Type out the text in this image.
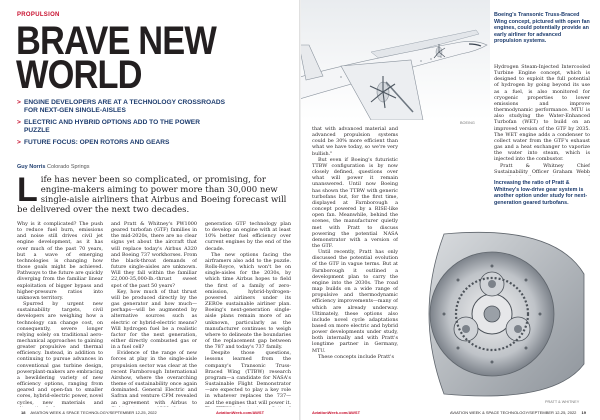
PROPULSION
BRAVE NEW
WORLD
> ENGINE DEVELOPERS ARE AT A TECHNOLOGY CROSSROADS FOR NEXT-GEN SINGLE-AISLES
> ELECTRIC AND HYBRID OPTIONS ADD TO THE POWER PUZZLE
> FUTURE FOCUS: OPEN ROTORS AND GEARS
Guy Norris Colorado Springs
Life has never been so complicated, or promising, for engine-makers aiming to power more than 30,000 new single-aisle airliners that Airbus and Boeing forecast will be delivered over the next two decades.

Why is it complicated? The push to reduce fuel burn, emissions and noise still drives civil jet engine development, as it has over much of the past 70 years, but a wave of emerging technologies is changing how those goals might be achieved. Pathways to the future are quickly diverging from the familiar linear exploitation of bigger bypass and higher-pressure ratios into unknown territory.

Spurred by urgent new sustainability targets, civil developers are weighing how a technology can change cost, on consequently, severe longer relying solely on traditional aero-mechanical approaches to gaining greater propulsive and thermal efficiency. Instead, in addition to continuing to pursue advances in conventional gas turbine design, powerplant-makers are embracing a bewildering variety of new efficiency options, ranging from geared and open-fan to smaller cores, hybrid-electric power, novel cycles, new materials and

and Pratt & Whitney's PW1000 geared turbofan (GTF) families in the mid-2020s, there are no clear signs yet about the aircraft that will replace today's Airbus A320 and Boeing 737 workhorses. From the black-throat demands of future single-aisles are unknown. Will they fall within the familiar 22,000-35,000-lb.-thrust sweet spot of the past 50 years?

Key, how much of that thrust will be produced directly by the gas generator and how much—perhaps—will be augmented by alternative sources such as electric or hybrid-electric means? Will hydrogen fuel be a realistic factor for the next generation, either directly combusted gas or in a fuel cell?

Evidence of the range of new forces at play in the single-aisle propulsion sector was clear at the recent Farnborough International Airshow, where the overarching theme of sustainability once again dominated. General Electric and Safran and venture CFM revealed an agreement with Airbus to

generation GTF technology plan to develop an engine with at least 10% better fuel efficiency over current engines by the end of the decade.

The new options facing the airframers also add to the puzzle. Rolls-Royce, which won't be on single-aisles for the 2030s, by which time Airbus hopes to field the first of a family of zero-emission, hybrid-hydrogen-powered airliners under its ZEROe sustainable airliner plan. Boeing's next-generation single-aisle plans remain more of an unknown, particularly as the manufacturer continues to weigh where to delineate the boundaries of the replacement gap between the 787 and today's 737 family.

Despite those questions, lessons learned from the company's Transonic Truss-Braced Wing (TTBW) research program—a candidate for NASA's Sustainable Flight Demonstrator—are expected to play a key role in whatever replaces the 737—and the engines that will power it.

BOEING
Boeing's Transonic Truss-Braced Wing concept, pictured with open fan engines, could potentially provide an early airliner for advanced propulsion systems.

Hydrogen Steam-Injected Intercooled Turbine Engine concept, which is designed to exploit the full potential of hydrogen by going beyond its use as a fuel, is also monitored for cryogenic properties to lower emissions and improve thermodynamic performance. MTU is also studying the Water-Enhanced Turbofan (WET) to build on an improved version of the GTF by 2035. The WET engine adds a condenser to collect water from the GTF's exhaust gas and a heat exchanger to vaporize the water into steam, which is injected into the combustor.

Pratt & Whitney Chief Sustainability Officer Graham Webb

Increasing the ratio of Pratt & Whitney's low-drive gear system is another option under study for next-generation geared turbofans.

that with advanced material and advanced propulsion systems could be 30% more efficient than what we have today, so we're very bullish."

But even if Boeing's futuristic TTBW configuration is by now closely defined, questions over what will power it remain unanswered. Until now Boeing has shown the TTBW with generic turbofans but, for the first time, displayed at Farnborough a concept powered by a RISE-like open fan. Meanwhile, behind the scenes, the manufacturer quietly met with Pratt to discuss powering the potential NASA demonstrator with a version of the GTF.

Until recently, Pratt has only discussed the potential evolution of the GTF in vague terms. But at Farnborough it outlined a development plan to carry the engine into the 2030s. The road map builds on a wide range of propulsive and thermodynamic efficiency improvements—many of which are already underway. Ultimately, these options also include novel cycle adaptations based on more electric and hybrid power developments under study, both internally and with Pratt's longtime partner in Germany, MTU.

These concepts include Pratt's

PRATT & WHITNEY
18 AVIATION WEEK & SPACE TECHNOLOGY/SEPTEMBER 12-25, 2022	AviationWeek.com/AWST	AviationWeek.com/AWST	AVIATION WEEK & SPACE TECHNOLOGY/SEPTEMBER 12-25, 2022 19
